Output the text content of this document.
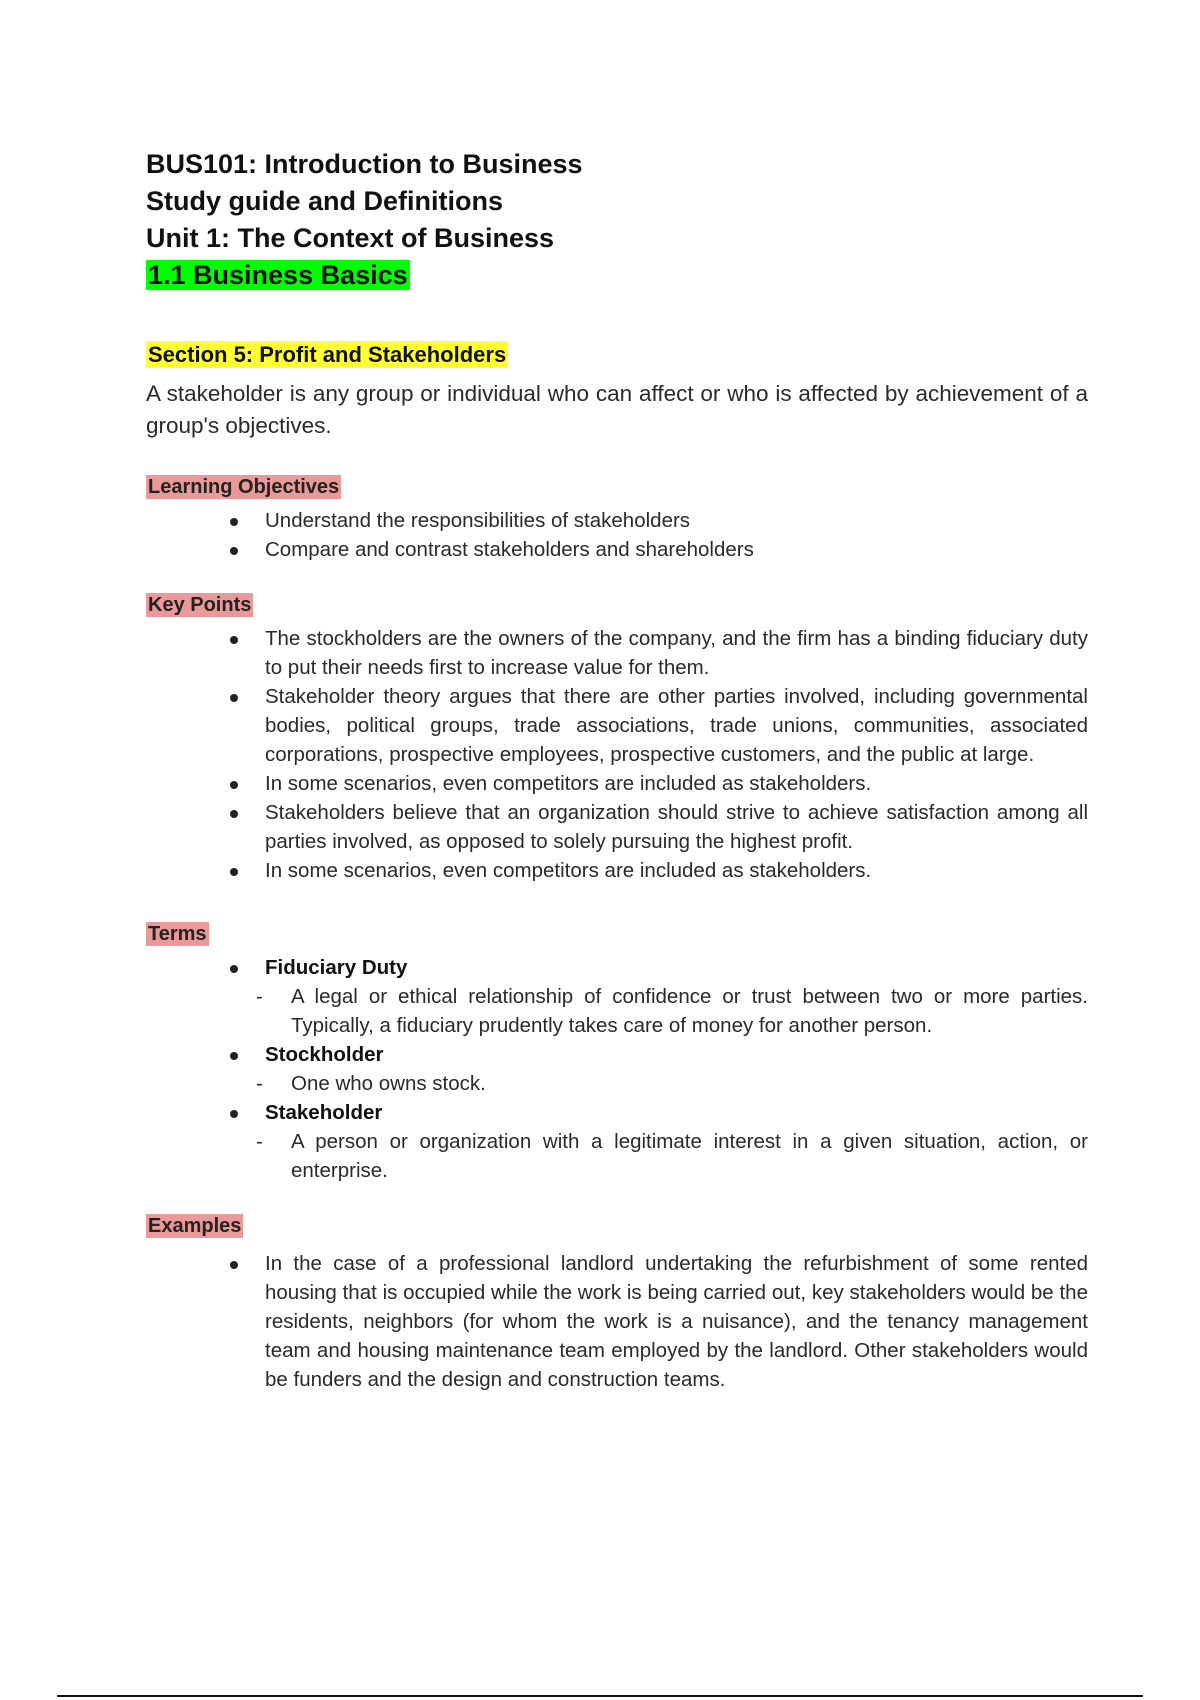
BUS101: Introduction to Business
Study guide and Definitions
Unit 1: The Context of Business
1.1 Business Basics
Section 5: Profit and Stakeholders
A stakeholder is any group or individual who can affect or who is affected by achievement of a group's objectives.
Learning Objectives
Understand the responsibilities of stakeholders
Compare and contrast stakeholders and shareholders
Key Points
The stockholders are the owners of the company, and the firm has a binding fiduciary duty to put their needs first to increase value for them.
Stakeholder theory argues that there are other parties involved, including governmental bodies, political groups, trade associations, trade unions, communities, associated corporations, prospective employees, prospective customers, and the public at large.
In some scenarios, even competitors are included as stakeholders.
Stakeholders believe that an organization should strive to achieve satisfaction among all parties involved, as opposed to solely pursuing the highest profit.
In some scenarios, even competitors are included as stakeholders.
Terms
Fiduciary Duty
- A legal or ethical relationship of confidence or trust between two or more parties. Typically, a fiduciary prudently takes care of money for another person.
Stockholder
- One who owns stock.
Stakeholder
- A person or organization with a legitimate interest in a given situation, action, or enterprise.
Examples
In the case of a professional landlord undertaking the refurbishment of some rented housing that is occupied while the work is being carried out, key stakeholders would be the residents, neighbors (for whom the work is a nuisance), and the tenancy management team and housing maintenance team employed by the landlord. Other stakeholders would be funders and the design and construction teams.
